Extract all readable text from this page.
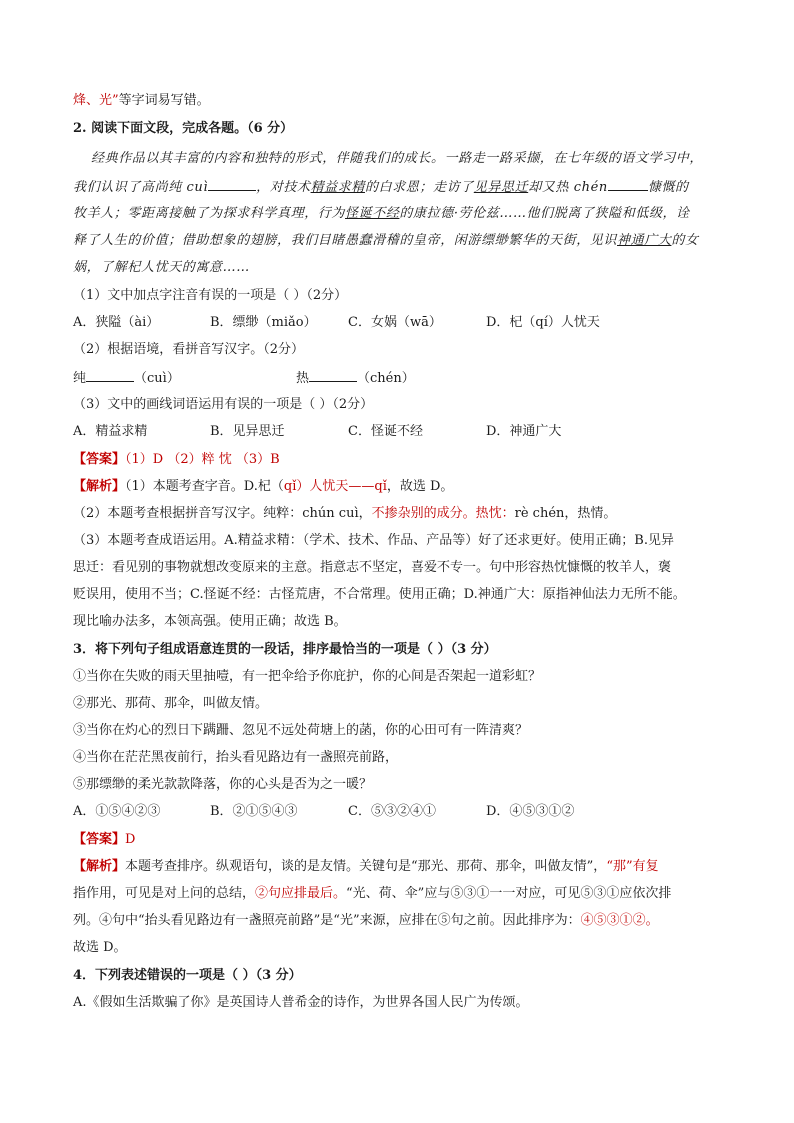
烽、光”等字词易写错。
2. 阅读下面文段，完成各题。（6 分）
经典作品以其丰富的内容和独特的形式，伴随我们的成长。一路走一路采撷，在七年级的语文学习中，
我们认识了高尚纯 cuì	，对技术精益求精的白求恩；走访了见异思迁却又热 chén	慷慨的
牧羊人；零距离接触了为探求科学真理，行为怪诞不经的康拉德·劳伦兹……他们脱离了狭隘和低级，诠
释了人生的价值；借助想象的翅膀，我们目睹愚蠢滑稽的皇帝，闲游缥缈繁华的天街，见识神通广大的女
娲，了解杞人忧天的寓意……
（1）文中加点字注音有误的一项是（ ）（2分）
A．狭隘（ài）	B．缥缈（miǎo） C．女娲（wā）	D．杞（qí）人忧天
（2）根据语境，看拼音写汉字。（2分）
纯	（cuì）	热	（chén）
（3）文中的画线词语运用有误的一项是（ ）（2分）
A．精益求精	B．见异思迁	C．怪诞不经	D．神通广大
【答案】（1）D （2）粹 忱 （3）B
【解析】（1）本题考查字音。D.杞（qǐ）人忧天——qǐ，故选 D。
（2）本题考查根据拼音写汉字。纯粹：chún cuì，不掺杂别的成分。热忱：rè chén，热情。
（3）本题考查成语运用。A.精益求精：（学术、技术、作品、产品等）好了还求更好。使用正确；B.见异
思迁：看见别的事物就想改变原来的主意。指意志不坚定，喜爱不专一。句中形容热忱慷慨的牧羊人，褒
贬误用，使用不当；C.怪诞不经：古怪荒唐，不合常理。使用正确；D.神通广大：原指神仙法力无所不能。
现比喻办法多，本领高强。使用正确；故选 B。
3．将下列句子组成语意连贯的一段话，排序最恰当的一项是（ ）（3 分）
①当你在失败的雨天里抽噎，有一把伞给予你庇护，你的心间是否架起一道彩虹？
②那光、那荷、那伞，叫做友情。
③当你在灼心的烈日下蹒跚、忽见不远处荷塘上的菡，你的心田可有一阵清爽？
④当你在茫茫黑夜前行，抬头看见路边有一盏照亮前路，
⑤那缥缈的柔光款款降落，你的心头是否为之一暖？
A．①⑤④②③	B．②①⑤④③	C．⑤③②④①	D．④⑤③①②
【答案】D
【解析】本题考查排序。纵观语句，谈的是友情。关键句是“那光、那荷、那伞，叫做友情”，“那”有复
指作用，可见是对上问的总结，②句应排最后。“光、荷、伞”应与⑤③①一一对应，可见⑤③①应依次排
列。④句中“抬头看见路边有一盏照亮前路”是“光”来源，应排在⑤句之前。因此排序为：④⑤③①②。
故选 D。
4．下列表述错误的一项是（ ）（3 分）
A.《假如生活欺骗了你》是英国诗人普希金的诗作，为世界各国人民广为传颂。
